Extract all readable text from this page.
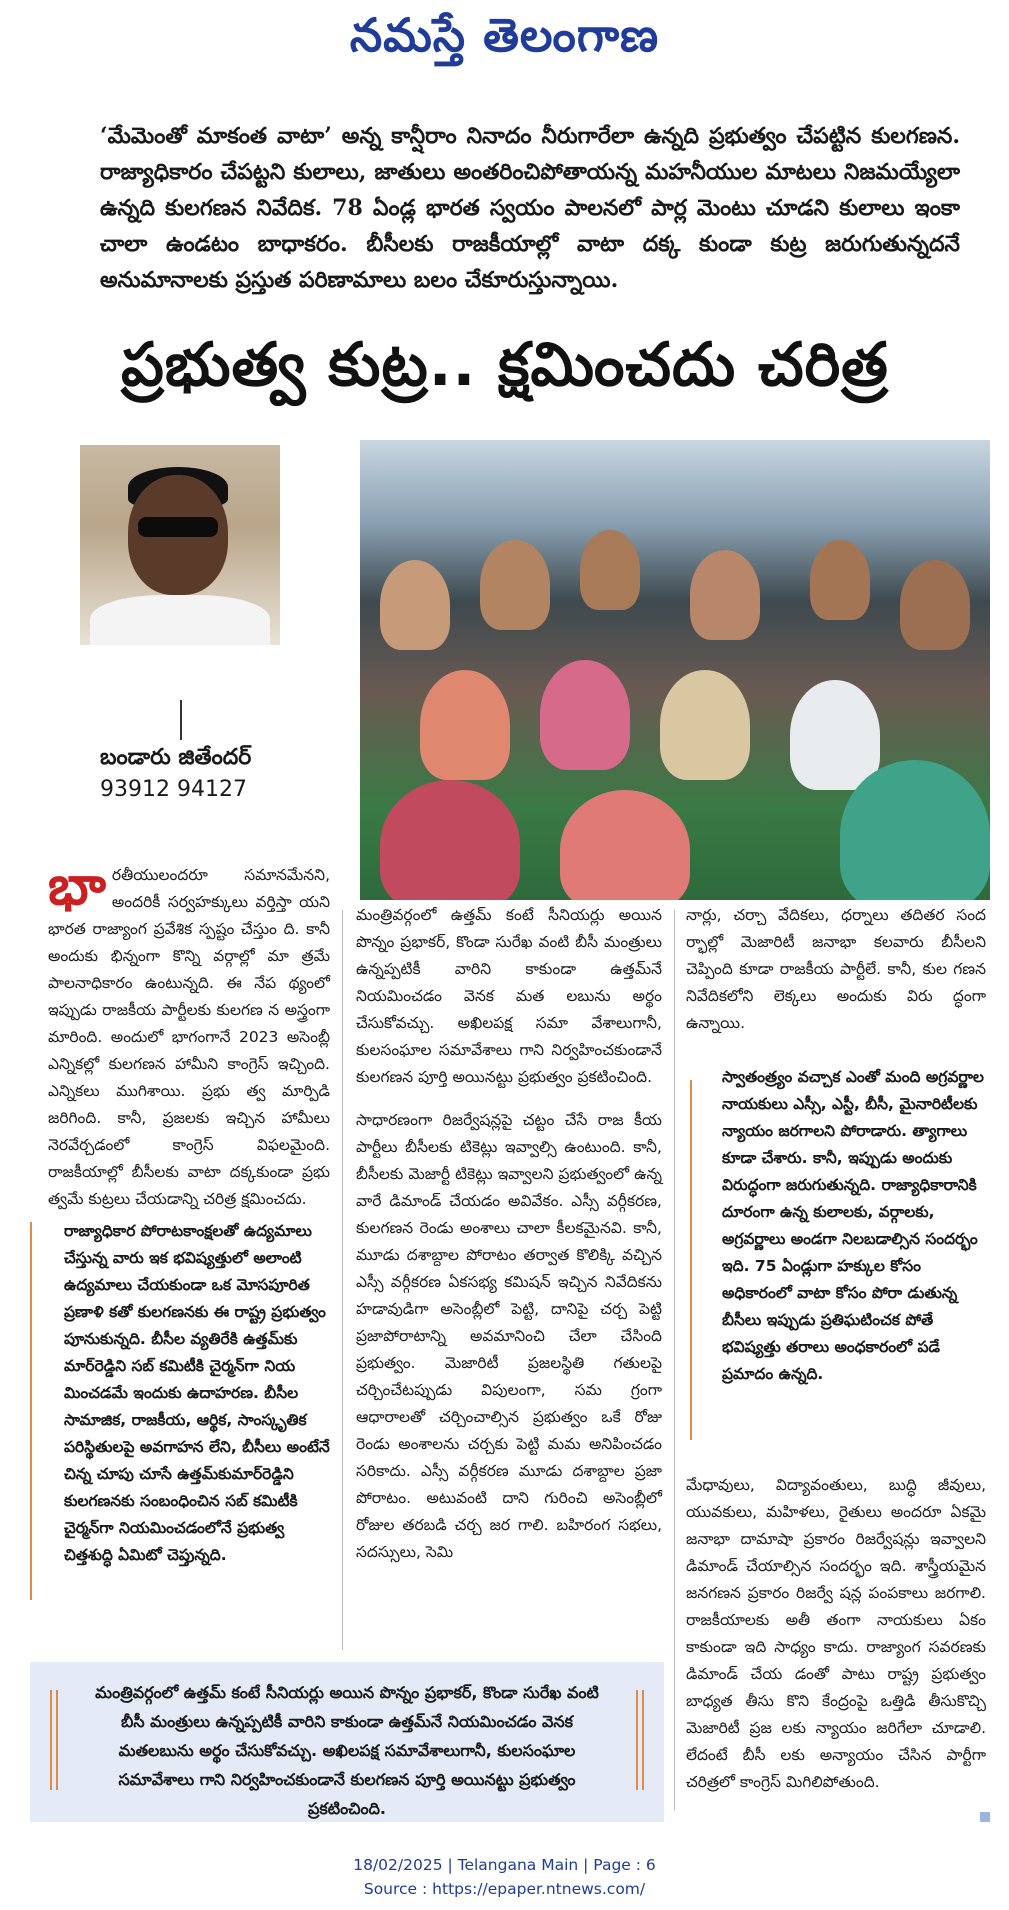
నమస్తే తెలంగాణ
‘మేమెంతో మాకంత వాటా’ అన్న కాన్షీరాం నినాదం నీరుగారేలా ఉన్నది ప్రభుత్వం చేపట్టిన కులగణన. రాజ్యాధికారం చేపట్టని కులాలు, జాతులు అంతరించిపోతాయన్న మహనీయుల మాటలు నిజమయ్యేలా ఉన్నది కులగణన నివేదిక. 78 ఏండ్ల భారత స్వయం పాలనలో పార్ల మెంటు చూడని కులాలు ఇంకా చాలా ఉండటం బాధాకరం. బీసీలకు రాజకీయాల్లో వాటా దక్క కుండా కుట్ర జరుగుతున్నదనే అనుమానాలకు ప్రస్తుత పరిణామాలు బలం చేకూరుస్తున్నాయి.
ప్రభుత్వ కుట్ర.. క్షమించదు చరిత్ర
బండారు జితేందర్
93912 94127

భారతీయులందరూ సమానమేనని, అందరికీ సర్వహక్కులు వర్తిస్తా యని భారత రాజ్యాంగ ప్రవేశిక స్పష్టం చేస్తుం ది. కానీ అందుకు భిన్నంగా కొన్ని వర్గాల్లో మా త్రమే పాలనాధికారం ఉంటున్నది. ఈ నేప థ్యంలో ఇప్పుడు రాజకీయ పార్టీలకు కులగణ న అస్త్రంగా మారింది. అందులో భాగంగానే 2023 అసెంబ్లీ ఎన్నికల్లో కులగణన హామీని కాంగ్రెస్ ఇచ్చింది. ఎన్నికలు ముగిశాయి. ప్రభు త్వ మార్పిడి జరిగింది. కానీ, ప్రజలకు ఇచ్చిన హామీలు నెరవేర్చడంలో కాంగ్రెస్ విఫలమైంది. రాజకీయాల్లో బీసీలకు వాటా దక్కకుండా ప్రభు త్వమే కుట్రలు చేయడాన్ని చరిత్ర క్షమించదు.

రాజ్యాధికార పోరాటకాంక్షలతో ఉద్యమాలు చేస్తున్న వారు ఇక భవిష్యత్తులో అలాంటి ఉద్యమాలు చేయకుండా ఒక మోసపూరిత ప్రణాళి కతో కులగణనకు ఈ రాష్ట్ర ప్రభుత్వం పూనుకున్నది. బీసీల వ్యతిరేకి ఉత్తమ్‌కు మార్‌రెడ్డిని సబ్ కమిటీకి చైర్మన్‌గా నియ మించడమే ఇందుకు ఉదాహరణ. బీసీల సామాజిక, రాజకీయ, ఆర్థిక, సాంస్కృతిక పరిస్థితులపై అవగాహన లేని, బీసీలు అంటేనే చిన్న చూపు చూసే ఉత్తమ్‌కుమార్‌రెడ్డిని కులగణనకు సంబంధించిన సబ్ కమిటీకి చైర్మన్‌గా నియమించడంలోనే ప్రభుత్వ చిత్తశుద్ధి ఏమిటో చెప్తున్నది.

మంత్రివర్గంలో ఉత్తమ్ కంటే సీనియర్లు అయిన పొన్నం ప్రభాకర్, కొండా సురేఖ వంటి బీసీ మంత్రులు ఉన్నప్పటికీ వారిని కాకుండా ఉత్తమ్‌నే నియమించడం వెనక మత లబును అర్థం చేసుకోవచ్చు. అఖిలపక్ష సమా వేశాలుగానీ, కులసంఘాల సమావేశాలు గాని నిర్వహించకుండానే కులగణన పూర్తి అయినట్టు ప్రభుత్వం ప్రకటించింది.

సాధారణంగా రిజర్వేషన్లపై చట్టం చేసే రాజ కీయ పార్టీలు బీసీలకు టికెట్లు ఇవ్వాల్సి ఉంటుంది. కానీ, బీసీలకు మెజార్టీ టికెట్లు ఇవ్వాలని ప్రభుత్వంలో ఉన్న వారే డిమాండ్ చేయడం అవివేకం. ఎస్సీ వర్గీకరణ, కులగణన రెండు అంశాలు చాలా కీలకమైనవి. కానీ, మూడు దశాబ్దాల పోరాటం తర్వాత కొలిక్కి వచ్చిన ఎస్సీ వర్గీకరణ ఏకసభ్య కమిషన్ ఇచ్చిన నివేదికను హడావుడిగా అసెంబ్లీలో పెట్టి, దానిపై చర్చ పెట్టి ప్రజాపోరాటాన్ని అవమానించి చేలా చేసింది ప్రభుత్వం. మెజారిటీ ప్రజలస్థితి గతులపై చర్చించేటప్పుడు విపులంగా, సమ గ్రంగా ఆధారాలతో చర్చించాల్సిన ప్రభుత్వం ఒకే రోజు రెండు అంశాలను చర్చకు పెట్టి మమ అనిపించడం సరికాదు. ఎస్సీ వర్గీకరణ మూడు దశాబ్దాల ప్రజా పోరాటం. అటువంటి దాని గురించి అసెంబ్లీలో రోజుల తరబడి చర్చ జర గాలి. బహిరంగ సభలు, సదస్సులు, సెమి

నార్లు, చర్చా వేదికలు, ధర్నాలు తదితర సంద ర్భాల్లో మెజారిటీ జనాభా కలవారు బీసీలని చెప్పింది కూడా రాజకీయ పార్టీలే. కానీ, కుల గణన నివేదికలోని లెక్కలు అందుకు విరు ద్ధంగా ఉన్నాయి.

స్వాతంత్ర్యం వచ్చాక ఎంతో మంది అగ్రవర్ణాల నాయకులు ఎస్సీ, ఎస్టీ, బీసీ, మైనారిటీలకు న్యాయం జరగాలని పోరాడారు. త్యాగాలు కూడా చేశారు. కానీ, ఇప్పుడు అందుకు విరుద్ధంగా జరుగుతున్నది. రాజ్యాధికారానికి దూరంగా ఉన్న కులాలకు, వర్గాలకు, అగ్రవర్ణాలు అండగా నిలబడాల్సిన సందర్భం ఇది. 75 ఏండ్లుగా హక్కుల కోసం అధికారంలో వాటా కోసం పోరా డుతున్న బీసీలు ఇప్పుడు ప్రతిఘటించక పోతే భవిష్యత్తు తరాలు అంధకారంలో పడే ప్రమాదం ఉన్నది.

మేధావులు, విద్యావంతులు, బుద్ధి జీవులు, యువకులు, మహిళలు, రైతులు అందరూ ఏకమై జనాభా దామాషా ప్రకారం రిజర్వేషన్లు ఇవ్వాలని డిమాండ్ చేయాల్సిన సందర్భం ఇది. శాస్త్రీయమైన జనగణన ప్రకారం రిజర్వే షన్ల పంపకాలు జరగాలి. రాజకీయాలకు అతీ తంగా నాయకులు ఏకం కాకుండా ఇది సాధ్యం కాదు. రాజ్యాంగ సవరణకు డిమాండ్ చేయ డంతో పాటు రాష్ట్ర ప్రభుత్వం బాధ్యత తీసు కొని కేంద్రంపై ఒత్తిడి తీసుకొచ్చి మెజారిటీ ప్రజ లకు న్యాయం జరిగేలా చూడాలి. లేదంటే బీసీ లకు అన్యాయం చేసిన పార్టీగా చరిత్రలో కాంగ్రెస్ మిగిలిపోతుంది.

మంత్రివర్గంలో ఉత్తమ్ కంటే సీనియర్లు అయిన పొన్నం ప్రభాకర్, కొండా సురేఖ వంటి బీసీ మంత్రులు ఉన్నప్పటికీ వారిని కాకుండా ఉత్తమ్‌నే నియమించడం వెనక మతలబును అర్థం చేసుకోవచ్చు. అఖిలపక్ష సమావేశాలుగానీ, కులసంఘాల సమావేశాలు గాని నిర్వహించకుండానే కులగణన పూర్తి అయినట్టు ప్రభుత్వం ప్రకటించింది.
18/02/2025 | Telangana Main | Page : 6
Source : https://epaper.ntnews.com/
